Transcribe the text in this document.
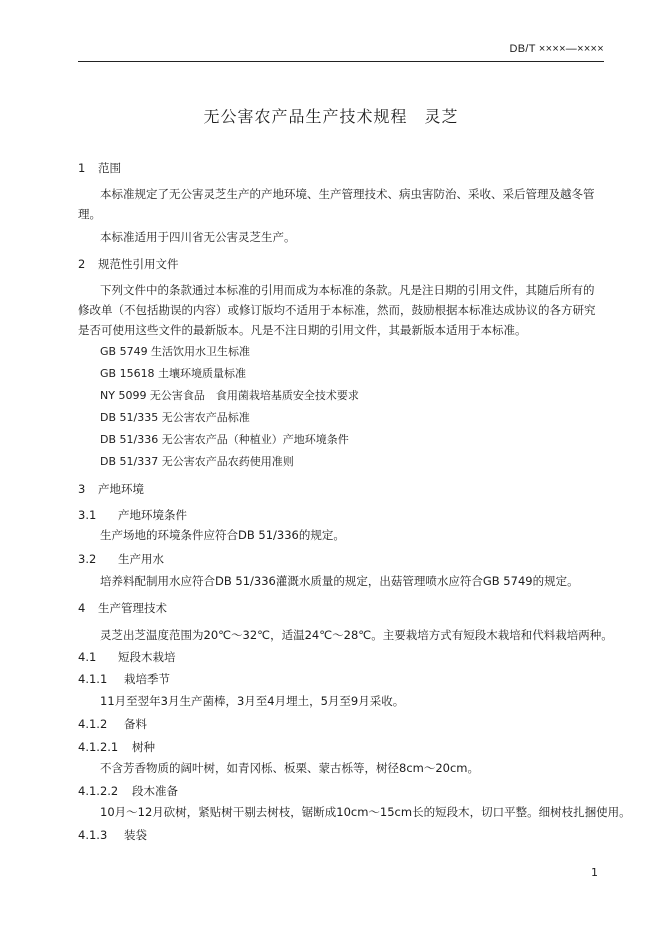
DB/T ××××—××××
无公害农产品生产技术规程　灵芝
1 范围
本标准规定了无公害灵芝生产的产地环境、生产管理技术、病虫害防治、采收、采后管理及越冬管
理。
本标准适用于四川省无公害灵芝生产。
2 规范性引用文件
下列文件中的条款通过本标准的引用而成为本标准的条款。凡是注日期的引用文件，其随后所有的
修改单（不包括勘误的内容）或修订版均不适用于本标准，然而，鼓励根据本标准达成协议的各方研究
是否可使用这些文件的最新版本。凡是不注日期的引用文件，其最新版本适用于本标准。
GB 5749 生活饮用水卫生标准
GB 15618 土壤环境质量标准
NY 5099 无公害食品　食用菌栽培基质安全技术要求
DB 51/335 无公害农产品标准
DB 51/336 无公害农产品（种植业）产地环境条件
DB 51/337 无公害农产品农药使用准则
3 产地环境
3.1 产地环境条件
生产场地的环境条件应符合DB 51/336的规定。
3.2 生产用水
培养料配制用水应符合DB 51/336灌溉水质量的规定，出菇管理喷水应符合GB 5749的规定。
4 生产管理技术
灵芝出芝温度范围为20℃～32℃，适温24℃～28℃。主要栽培方式有短段木栽培和代料栽培两种。
4.1 短段木栽培
4.1.1 栽培季节
11月至翌年3月生产菌棒，3月至4月埋土，5月至9月采收。
4.1.2 备料
4.1.2.1 树种
不含芳香物质的阔叶树，如青冈栎、板栗、蒙古栎等，树径8cm～20cm。
4.1.2.2 段木准备
10月～12月砍树，紧贴树干剔去树枝，锯断成10cm～15cm长的短段木，切口平整。细树枝扎捆使用。
4.1.3 装袋
1
